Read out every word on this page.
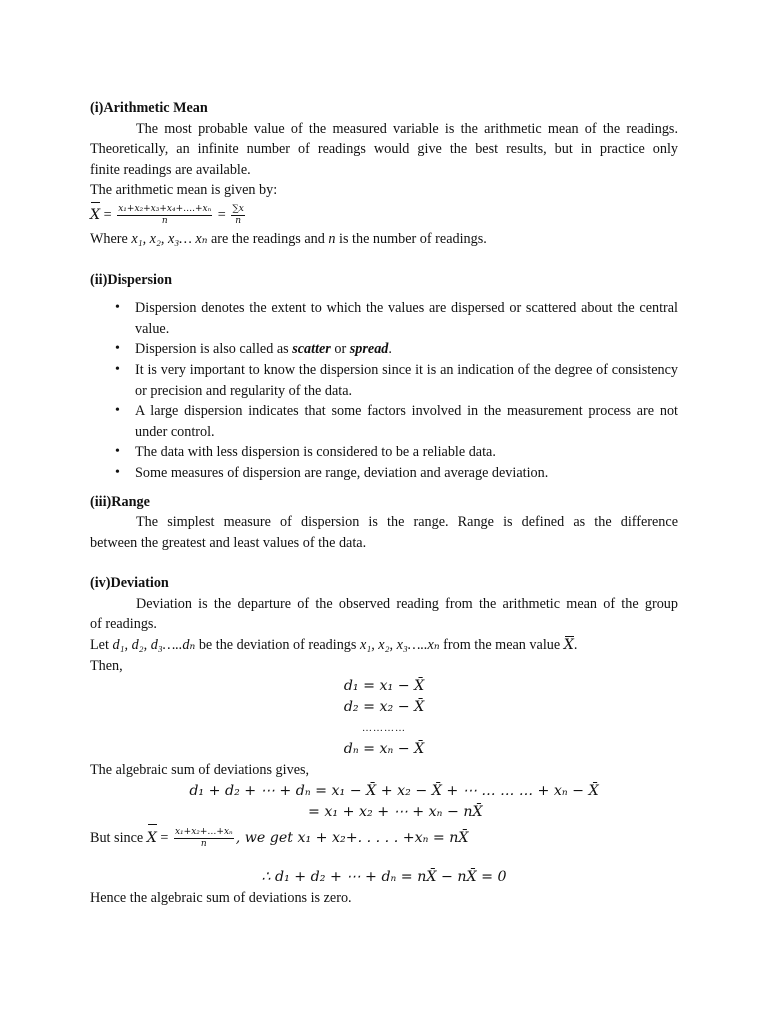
(i)Arithmetic Mean
The most probable value of the measured variable is the arithmetic mean of the readings.
Theoretically, an infinite number of readings would give the best results, but in practice only
finite readings are available.
The arithmetic mean is given by:
$X = \frac{\text{x₁+x₂+x₃+x₄+….+xₙ}}{n} = \frac{\sum x}{n}$
Where x₁, x₂, x₃… xₙ are the readings and n is the number of readings.
(ii)Dispersion
• Dispersion denotes the extent to which the values are dispersed or scattered about the central value.
• Dispersion is also called as scatter or spread.
• It is very important to know the dispersion since it is an indication of the degree of consistency or precision and regularity of the data.
• A large dispersion indicates that some factors involved in the measurement process are not under control.
• The data with less dispersion is considered to be a reliable data.
• Some measures of dispersion are range, deviation and average deviation.
(iii)Range
The simplest measure of dispersion is the range. Range is defined as the difference
between the greatest and least values of the data.
(iv)Deviation
Deviation is the departure of the observed reading from the arithmetic mean of the group
of readings.
Let d₁, d₂, d₃…..dₙ be the deviation of readings x₁, x₂, x₃…..xₙ from the mean value X.
Then,
d₁ = x₁ − X̄
d₂ = x₂ − X̄
…………
dₙ = xₙ − X̄
The algebraic sum of deviations gives,
d₁ + d₂ + ⋯ + dₙ = x₁ − X̄ + x₂ − X̄ + ⋯ … … … + xₙ − X̄
= x₁ + x₂ + ⋯ + xₙ − nX̄
But since $X = \frac{\text{x₁+x₂+…+xₙ}}{n}$ , we get x₁ + x₂+. . . . . +xₙ = nX̄
∴ d₁ + d₂ + ⋯ + dₙ = nX̄ − nX̄ = 0
Hence the algebraic sum of deviations is zero.
